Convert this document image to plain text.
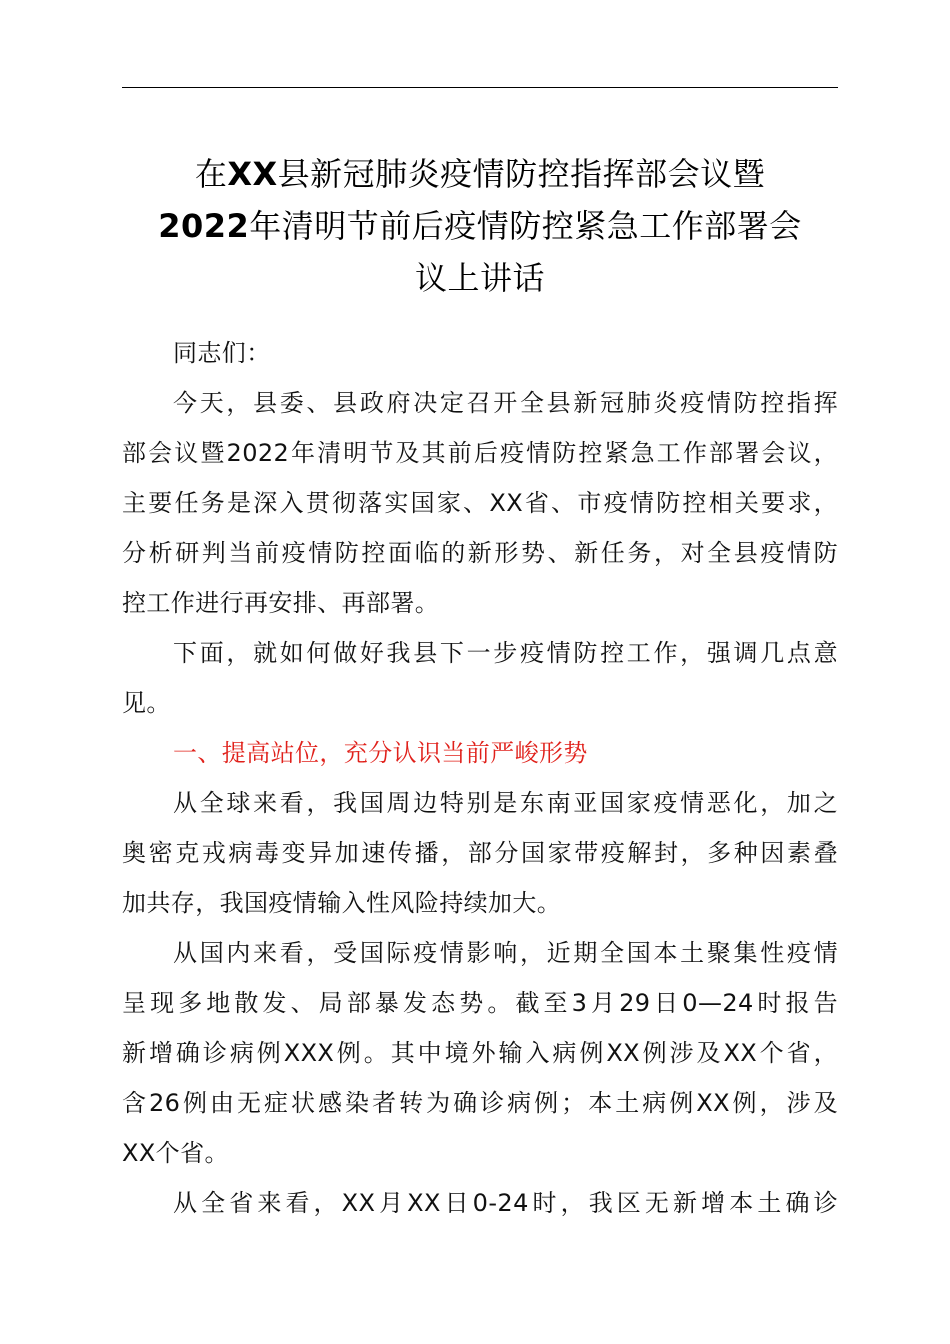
在XX县新冠肺炎疫情防控指挥部会议暨
2022年清明节前后疫情防控紧急工作部署会
议上讲话

同志们：

今天，县委、县政府决定召开全县新冠肺炎疫情防控指挥
部会议暨2022年清明节及其前后疫情防控紧急工作部署会议，
主要任务是深入贯彻落实国家、XX省、市疫情防控相关要求，
分析研判当前疫情防控面临的新形势、新任务，对全县疫情防
控工作进行再安排、再部署。

下面，就如何做好我县下一步疫情防控工作，强调几点意
见。

一、提高站位，充分认识当前严峻形势

从全球来看，我国周边特别是东南亚国家疫情恶化，加之
奥密克戎病毒变异加速传播，部分国家带疫解封，多种因素叠
加共存，我国疫情输入性风险持续加大。

从国内来看，受国际疫情影响，近期全国本土聚集性疫情
呈现多地散发、局部暴发态势。截至3月29日0—24时报告
新增确诊病例XXX例。其中境外输入病例XX例涉及XX个省，
含26例由无症状感染者转为确诊病例；本土病例XX例，涉及
XX个省。

从全省来看，XX月XX日0-24时，我区无新增本土确诊
